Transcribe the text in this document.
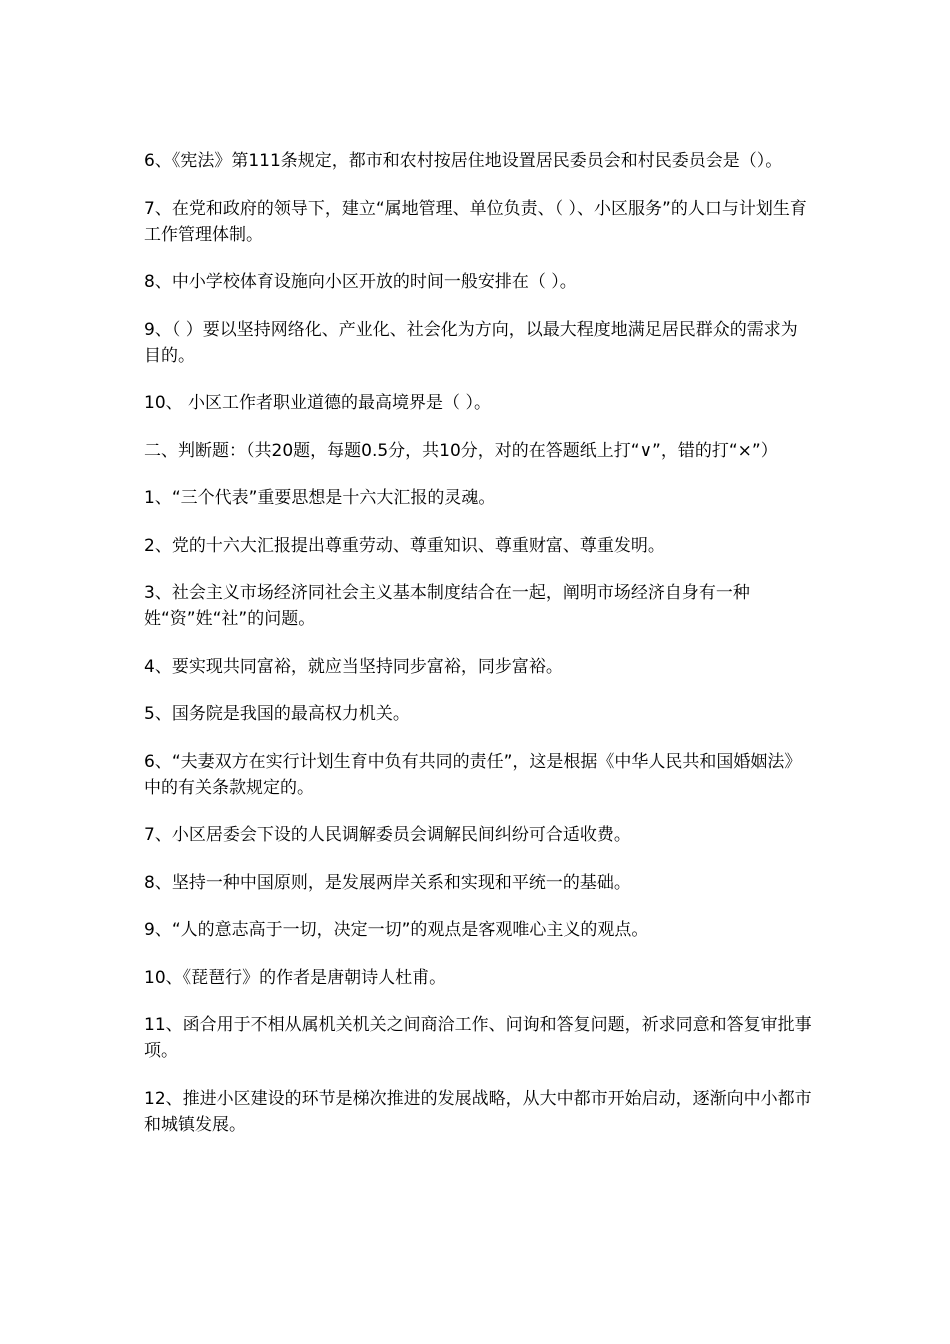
6、《宪法》第111条规定，都市和农村按居住地设置居民委员会和村民委员会是（）。

7、在党和政府的领导下，建立“属地管理、单位负责、（ ）、小区服务”的人口与计划生育工作管理体制。

8、中小学校体育设施向小区开放的时间一般安排在（ ）。

9、（ ）要以坚持网络化、产业化、社会化为方向，以最大程度地满足居民群众的需求为目的。

10、 小区工作者职业道德的最高境界是（ ）。

二、判断题：（共20题，每题0.5分，共10分，对的在答题纸上打“∨”，错的打“×”）

1、“三个代表”重要思想是十六大汇报的灵魂。

2、党的十六大汇报提出尊重劳动、尊重知识、尊重财富、尊重发明。

3、社会主义市场经济同社会主义基本制度结合在一起，阐明市场经济自身有一种姓“资”姓“社”的问题。

4、要实现共同富裕，就应当坚持同步富裕，同步富裕。

5、国务院是我国的最高权力机关。

6、“夫妻双方在实行计划生育中负有共同的责任”，这是根据《中华人民共和国婚姻法》中的有关条款规定的。

7、小区居委会下设的人民调解委员会调解民间纠纷可合适收费。

8、坚持一种中国原则，是发展两岸关系和实现和平统一的基础。

9、“人的意志高于一切，决定一切”的观点是客观唯心主义的观点。

10、《琵琶行》的作者是唐朝诗人杜甫。

11、函合用于不相从属机关机关之间商洽工作、问询和答复问题，祈求同意和答复审批事项。

12、推进小区建设的环节是梯次推进的发展战略，从大中都市开始启动，逐渐向中小都市和城镇发展。
